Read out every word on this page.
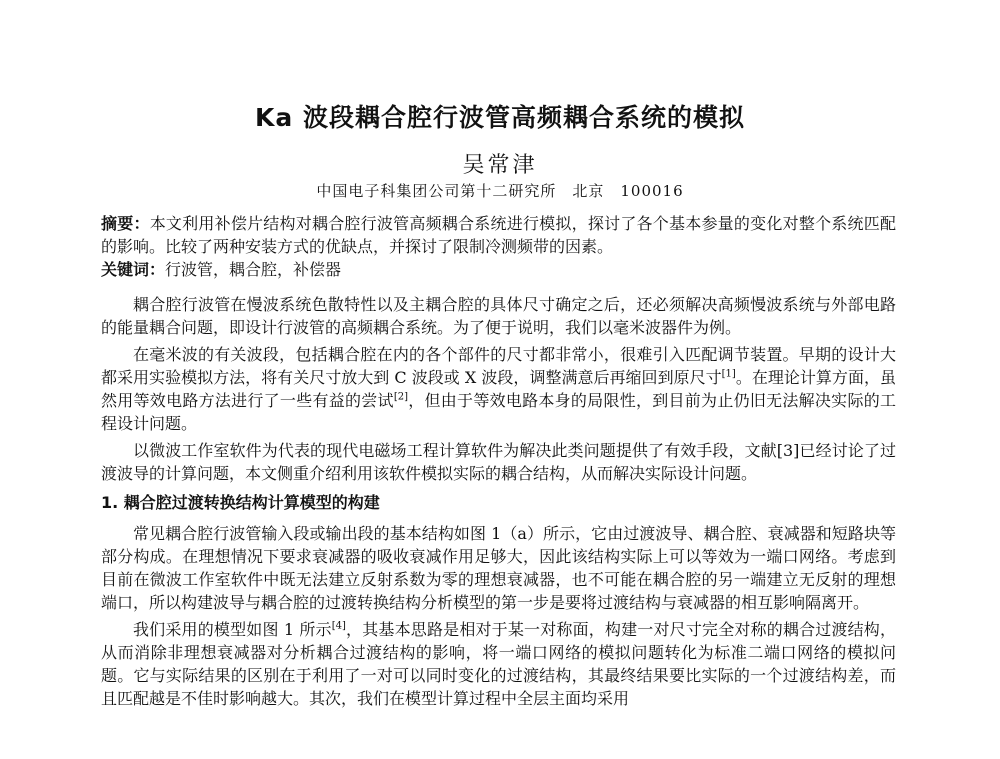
Ka 波段耦合腔行波管高频耦合系统的模拟
吴常津
中国电子科集团公司第十二研究所　北京　100016
摘要：本文利用补偿片结构对耦合腔行波管高频耦合系统进行模拟，探讨了各个基本参量的变化对整个系统匹配的影响。比较了两种安装方式的优缺点，并探讨了限制冷测频带的因素。
关键词：行波管，耦合腔，补偿器

耦合腔行波管在慢波系统色散特性以及主耦合腔的具体尺寸确定之后，还必须解决高频慢波系统与外部电路的能量耦合问题，即设计行波管的高频耦合系统。为了便于说明，我们以毫米波器件为例。

在毫米波的有关波段，包括耦合腔在内的各个部件的尺寸都非常小，很难引入匹配调节装置。早期的设计大都采用实验模拟方法，将有关尺寸放大到 C 波段或 X 波段，调整满意后再缩回到原尺寸[1]。在理论计算方面，虽然用等效电路方法进行了一些有益的尝试[2]，但由于等效电路本身的局限性，到目前为止仍旧无法解决实际的工程设计问题。

以微波工作室软件为代表的现代电磁场工程计算软件为解决此类问题提供了有效手段，文献[3]已经讨论了过渡波导的计算问题，本文侧重介绍利用该软件模拟实际的耦合结构，从而解决实际设计问题。

1. 耦合腔过渡转换结构计算模型的构建

常见耦合腔行波管输入段或输出段的基本结构如图 1（a）所示，它由过渡波导、耦合腔、衰减器和短路块等部分构成。在理想情况下要求衰减器的吸收衰减作用足够大，因此该结构实际上可以等效为一端口网络。考虑到目前在微波工作室软件中既无法建立反射系数为零的理想衰减器，也不可能在耦合腔的另一端建立无反射的理想端口，所以构建波导与耦合腔的过渡转换结构分析模型的第一步是要将过渡结构与衰减器的相互影响隔离开。

我们采用的模型如图 1 所示[4]，其基本思路是相对于某一对称面，构建一对尺寸完全对称的耦合过渡结构，从而消除非理想衰减器对分析耦合过渡结构的影响，将一端口网络的模拟问题转化为标准二端口网络的模拟问题。它与实际结果的区别在于利用了一对可以同时变化的过渡结构，其最终结果要比实际的一个过渡结构差，而且匹配越是不佳时影响越大。其次，我们在模型计算过程中全层主面均采用
